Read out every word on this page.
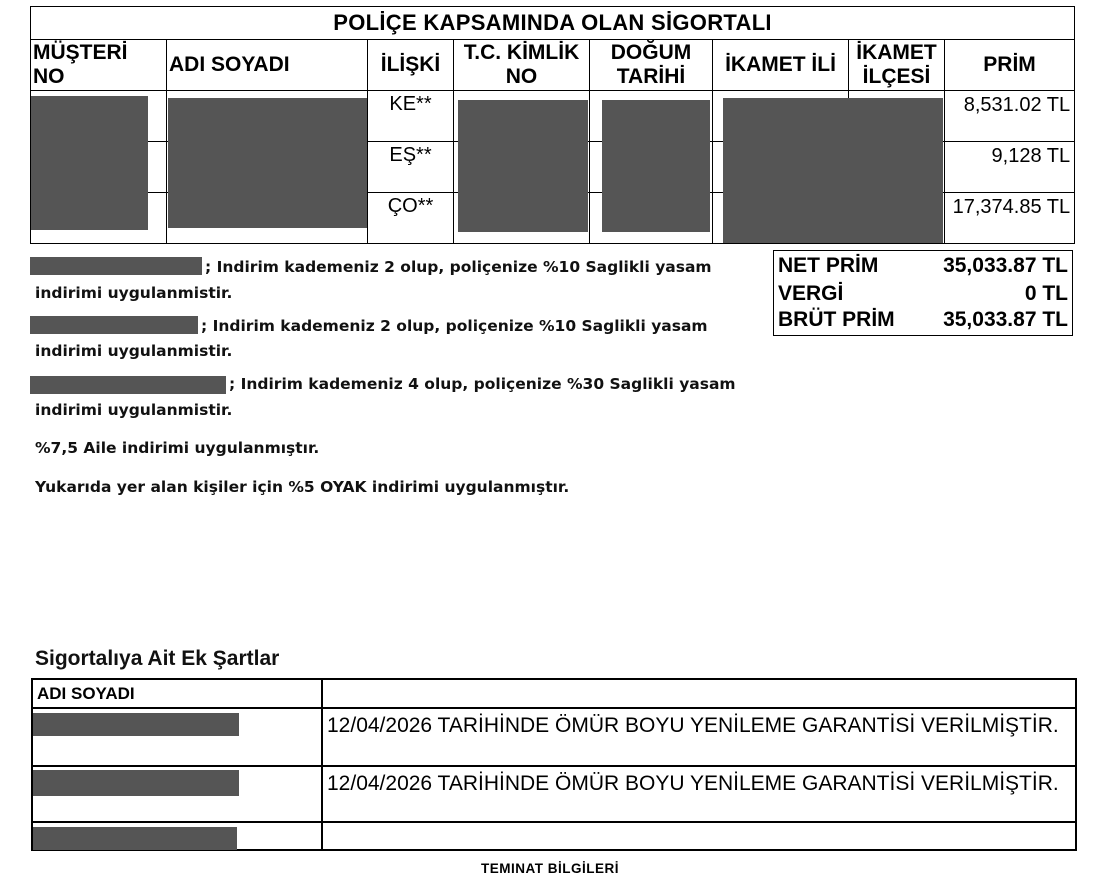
POLİÇE KAPSAMINDA OLAN SİGORTALI							
MÜŞTERİ NO	ADI SOYADI	İLİŞKİ	T.C. KİMLİK NO	DOĞUM TARİHİ	İKAMET İLİ	İKAMET İLÇESİ	PRİM
		KE**					8,531.02 TL
		EŞ**					9,128 TL
		ÇO**					17,374.85 TL
; Indirim kademeniz 2 olup, poliçenize %10 Saglikli yasam
indirimi uygulanmistir.
; Indirim kademeniz 2 olup, poliçenize %10 Saglikli yasam
indirimi uygulanmistir.
; Indirim kademeniz 4 olup, poliçenize %30 Saglikli yasam
indirimi uygulanmistir.
%7,5 Aile indirimi uygulanmıştır.
Yukarıda yer alan kişiler için %5 OYAK indirimi uygulanmıştır.
NET PRİM	35,033.87 TL
VERGİ	0 TL
BRÜT PRİM 35,033.87 TL
Sigortalıya Ait Ek Şartlar
ADI SOYADI	
	12/04/2026 TARİHİNDE ÖMÜR BOYU YENİLEME GARANTİSİ VERİLMİŞTİR.
	12/04/2026 TARİHİNDE ÖMÜR BOYU YENİLEME GARANTİSİ VERİLMİŞTİR.

TEMINAT BİLGİLERİ
